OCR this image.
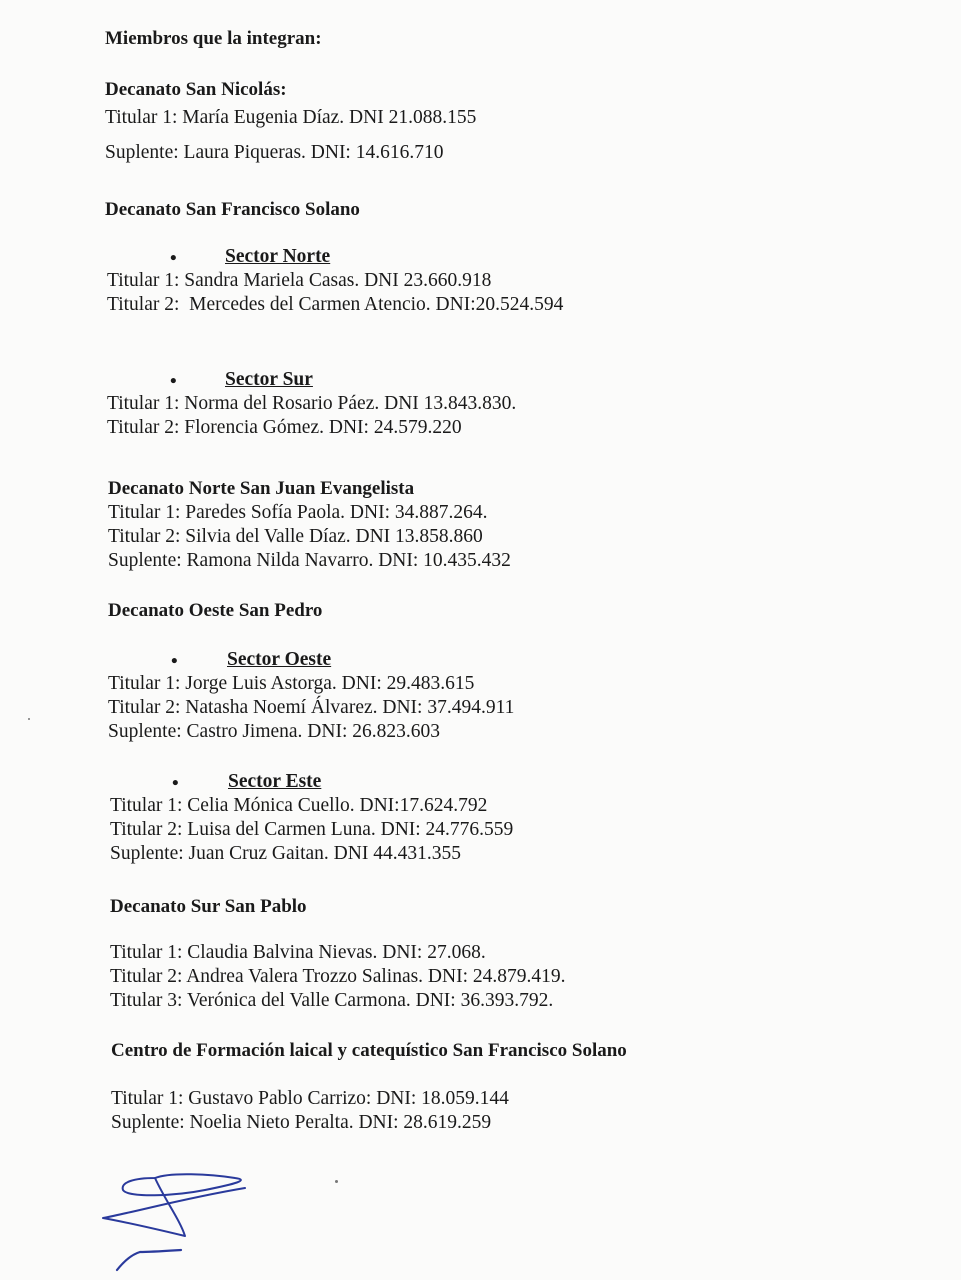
Miembros que la integran:
Decanato San Nicolás:
Titular 1: María Eugenia Díaz. DNI 21.088.155
Suplente: Laura Piqueras. DNI: 14.616.710
Decanato San Francisco Solano
• Sector Norte
Titular 1: Sandra Mariela Casas. DNI 23.660.918
Titular 2:  Mercedes del Carmen Atencio. DNI:20.524.594
• Sector Sur
Titular 1: Norma del Rosario Páez. DNI 13.843.830.
Titular 2: Florencia Gómez. DNI: 24.579.220
Decanato Norte San Juan Evangelista
Titular 1: Paredes Sofía Paola. DNI: 34.887.264.
Titular 2: Silvia del Valle Díaz. DNI 13.858.860
Suplente: Ramona Nilda Navarro. DNI: 10.435.432
Decanato Oeste San Pedro
•	Sector Oeste
Titular 1: Jorge Luis Astorga. DNI: 29.483.615
Titular 2: Natasha Noemí Álvarez. DNI: 37.494.911
Suplente: Castro Jimena. DNI: 26.823.603
•	Sector Este
Titular 1: Celia Mónica Cuello. DNI:17.624.792
Titular 2: Luisa del Carmen Luna. DNI: 24.776.559
Suplente: Juan Cruz Gaitan. DNI 44.431.355
Decanato Sur San Pablo
Titular 1: Claudia Balvina Nievas. DNI: 27.068.
Titular 2: Andrea Valera Trozzo Salinas. DNI: 24.879.419.
Titular 3: Verónica del Valle Carmona. DNI: 36.393.792.
Centro de Formación laical y catequístico San Francisco Solano
Titular 1: Gustavo Pablo Carrizo: DNI: 18.059.144
Suplente: Noelia Nieto Peralta. DNI: 28.619.259
